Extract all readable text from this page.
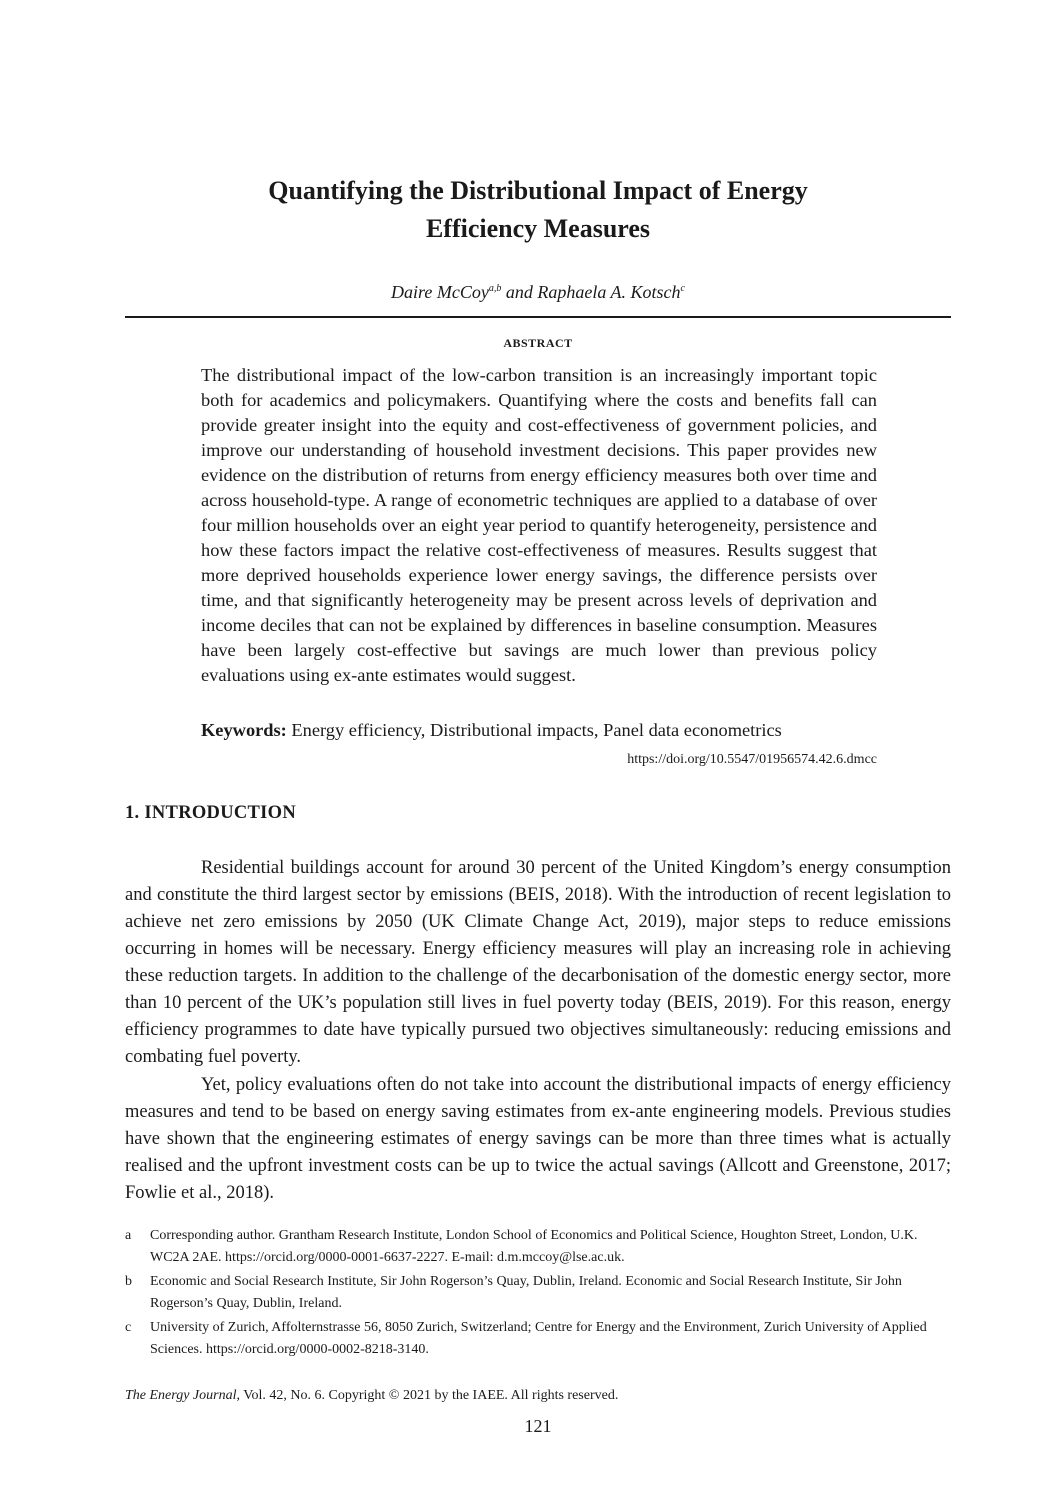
Quantifying the Distributional Impact of Energy
Efficiency Measures
Daire McCoy$^{a,b}$ and Raphaela A. Kotsch$^c$
ABSTRACT

The distributional impact of the low-carbon transition is an increasingly important topic both for academics and policymakers. Quantifying where the costs and benefits fall can provide greater insight into the equity and cost-effectiveness of government policies, and improve our understanding of household investment decisions. This paper provides new evidence on the distribution of returns from energy efficiency measures both over time and across household-type. A range of econometric techniques are applied to a database of over four million households over an eight year period to quantify heterogeneity, persistence and how these factors impact the relative cost-effectiveness of measures. Results suggest that more deprived households experience lower energy savings, the difference persists over time, and that significantly heterogeneity may be present across levels of deprivation and income deciles that can not be explained by differences in baseline consumption. Measures have been largely cost-effective but savings are much lower than previous policy evaluations using ex-ante estimates would suggest.

Keywords: Energy efficiency, Distributional impacts, Panel data econometrics
https://doi.org/10.5547/01956574.42.6.dmcc
1. INTRODUCTION

Residential buildings account for around 30 percent of the United Kingdom’s energy consumption and constitute the third largest sector by emissions (BEIS, 2018). With the introduction of recent legislation to achieve net zero emissions by 2050 (UK Climate Change Act, 2019), major steps to reduce emissions occurring in homes will be necessary. Energy efficiency measures will play an increasing role in achieving these reduction targets. In addition to the challenge of the decarbonisation of the domestic energy sector, more than 10 percent of the UK’s population still lives in fuel poverty today (BEIS, 2019). For this reason, energy efficiency programmes to date have typically pursued two objectives simultaneously: reducing emissions and combating fuel poverty.

Yet, policy evaluations often do not take into account the distributional impacts of energy efficiency measures and tend to be based on energy saving estimates from ex-ante engineering models. Previous studies have shown that the engineering estimates of energy savings can be more than three times what is actually realised and the upfront investment costs can be up to twice the actual savings (Allcott and Greenstone, 2017; Fowlie et al., 2018).

a	Corresponding author. Grantham Research Institute, London School of Economics and Political Science, Houghton Street, London, U.K. WC2A 2AE. https://orcid.org/0000-0001-6637-2227. E-mail: d.m.mccoy@lse.ac.uk.
b	Economic and Social Research Institute, Sir John Rogerson’s Quay, Dublin, Ireland. Economic and Social Research Institute, Sir John Rogerson’s Quay, Dublin, Ireland.
c	University of Zurich, Affolternstrasse 56, 8050 Zurich, Switzerland; Centre for Energy and the Environment, Zurich University of Applied Sciences. https://orcid.org/0000-0002-8218-3140.
The Energy Journal, Vol. 42, No. 6. Copyright © 2021 by the IAEE. All rights reserved.
121
